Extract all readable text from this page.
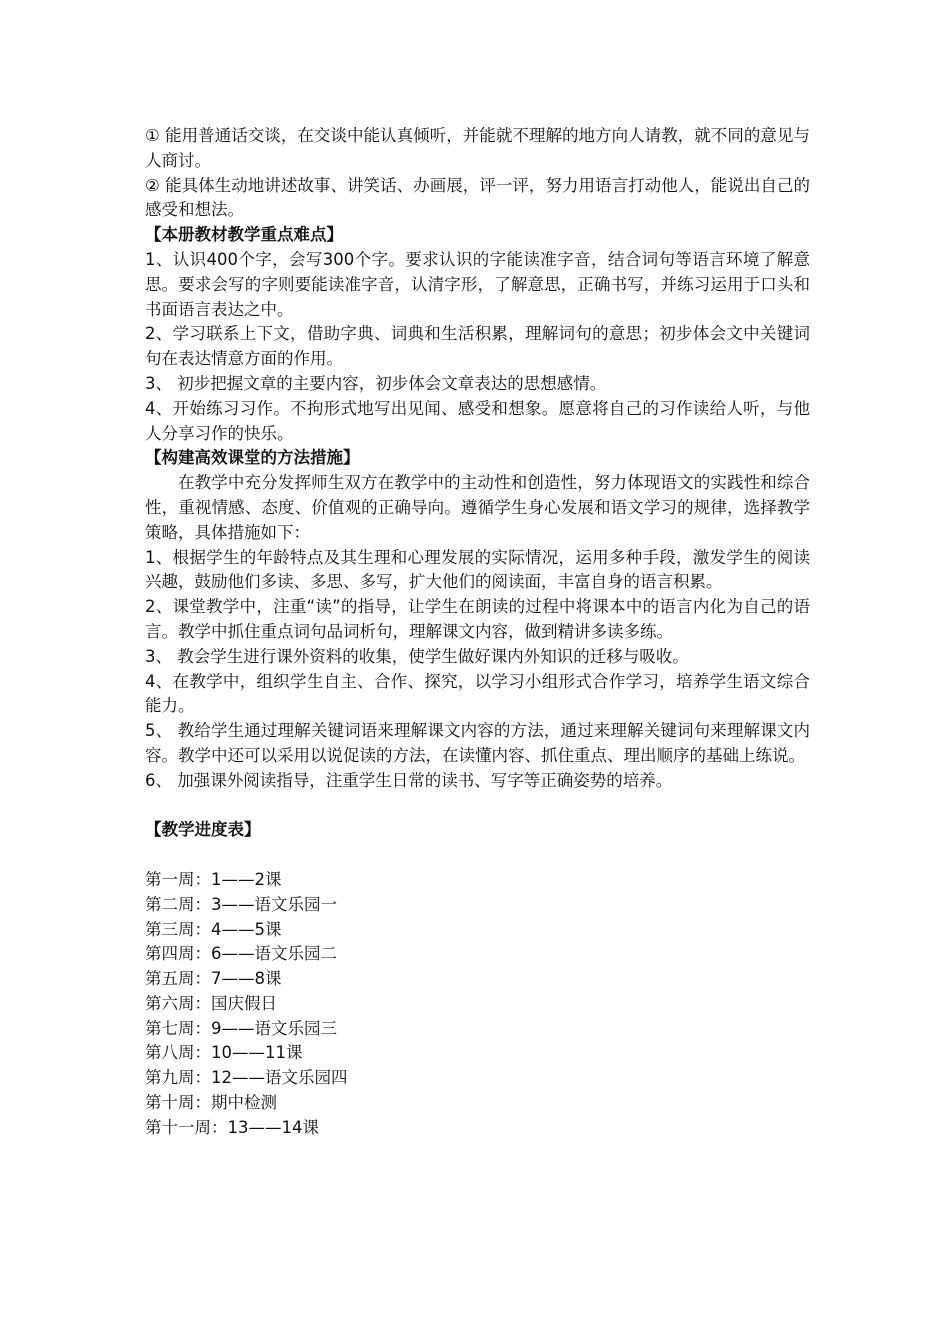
① 能用普通话交谈，在交谈中能认真倾听，并能就不理解的地方向人请教，就不同的意见与人商讨。

② 能具体生动地讲述故事、讲笑话、办画展，评一评，努力用语言打动他人，能说出自己的感受和想法。

【本册教材教学重点难点】

1、认识400个字，会写300个字。要求认识的字能读准字音，结合词句等语言环境了解意思。要求会写的字则要能读准字音，认清字形，了解意思，正确书写，并练习运用于口头和书面语言表达之中。

2、学习联系上下文，借助字典、词典和生活积累，理解词句的意思；初步体会文中关键词句在表达情意方面的作用。

3、 初步把握文章的主要内容，初步体会文章表达的思想感情。

4、开始练习习作。不拘形式地写出见闻、感受和想象。愿意将自己的习作读给人听，与他人分享习作的快乐。

【构建高效课堂的方法措施】

在教学中充分发挥师生双方在教学中的主动性和创造性，努力体现语文的实践性和综合性，重视情感、态度、价值观的正确导向。遵循学生身心发展和语文学习的规律，选择教学策略，具体措施如下：

1、根据学生的年龄特点及其生理和心理发展的实际情况，运用多种手段，激发学生的阅读兴趣，鼓励他们多读、多思、多写，扩大他们的阅读面，丰富自身的语言积累。

2、课堂教学中，注重“读”的指导，让学生在朗读的过程中将课本中的语言内化为自己的语言。教学中抓住重点词句品词析句，理解课文内容，做到精讲多读多练。

3、 教会学生进行课外资料的收集，使学生做好课内外知识的迁移与吸收。

4、在教学中，组织学生自主、合作、探究，以学习小组形式合作学习，培养学生语文综合能力。

5、 教给学生通过理解关键词语来理解课文内容的方法，通过来理解关键词句来理解课文内容。教学中还可以采用以说促读的方法，在读懂内容、抓住重点、理出顺序的基础上练说。

6、 加强课外阅读指导，注重学生日常的读书、写字等正确姿势的培养。

【教学进度表】

第一周：1——2课

第二周：3——语文乐园一

第三周：4——5课

第四周：6——语文乐园二

第五周：7——8课

第六周：国庆假日

第七周：9——语文乐园三

第八周：10——11课

第九周：12——语文乐园四

第十周：期中检测

第十一周：13——14课
